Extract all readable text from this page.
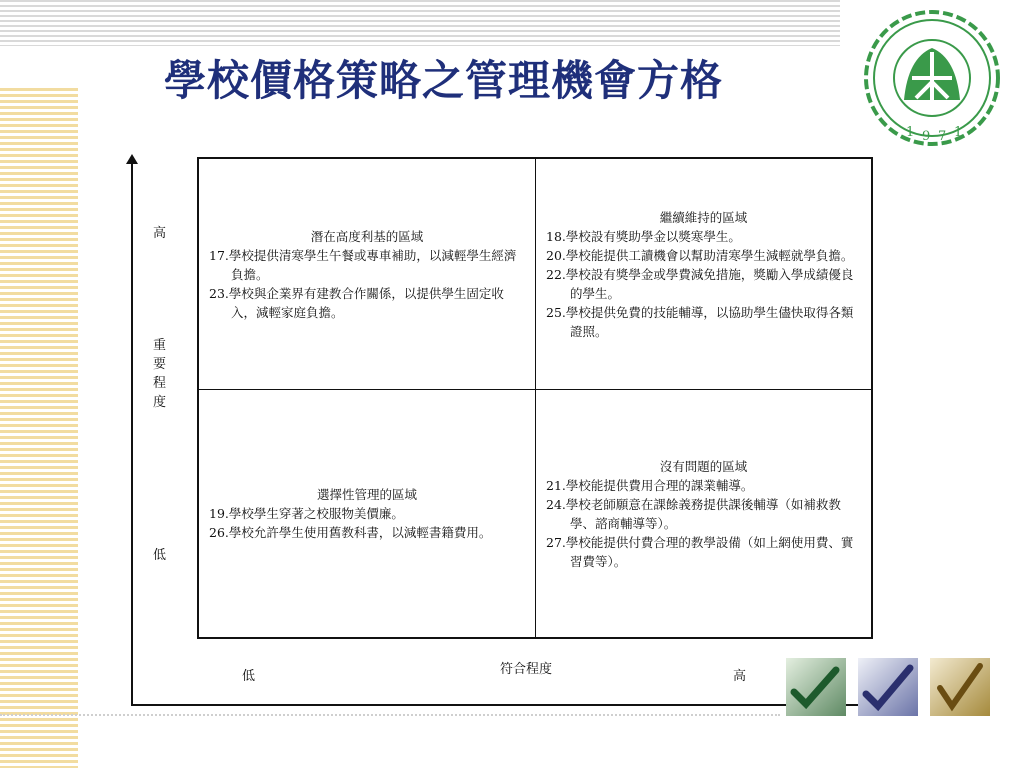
學校價格策略之管理機會方格
1 9 7 1
高
重要程度
低
低	符合程度	高
潛在高度利基的區域
17.學校提供清寒學生午餐或專車補助，以減輕學生經濟負擔。
23.學校與企業界有建教合作關係，以提供學生固定收入，減輕家庭負擔。
繼續維持的區域
18.學校設有獎助學金以獎寒學生。
20.學校能提供工讀機會以幫助清寒學生減輕就學負擔。
22.學校設有獎學金或學費減免措施，獎勵入學成績優良的學生。
25.學校提供免費的技能輔導，以協助學生儘快取得各類證照。
選擇性管理的區域
19.學校學生穿著之校服物美價廉。
26.學校允許學生使用舊教科書，以減輕書籍費用。
沒有問題的區域
21.學校能提供費用合理的課業輔導。
24.學校老師願意在課餘義務提供課後輔導（如補救教學、諮商輔導等）。
27.學校能提供付費合理的教學設備（如上網使用費、實習費等）。
